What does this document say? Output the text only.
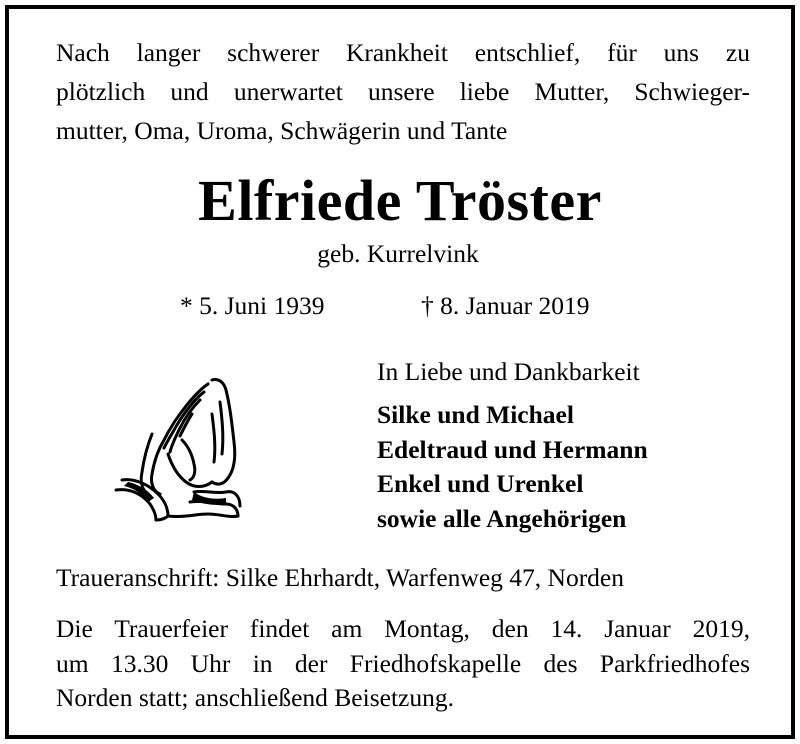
Nach langer schwerer Krankheit entschlief, für uns zu
plötzlich und unerwartet unsere liebe Mutter, Schwieger-
mutter, Oma, Uroma, Schwägerin und Tante
Elfriede Tröster
geb. Kurrelvink
* 5. Juni 1939	† 8. Januar 2019
In Liebe und Dankbarkeit
Silke und Michael
Edeltraud und Hermann
Enkel und Urenkel
sowie alle Angehörigen
Traueranschrift: Silke Ehrhardt, Warfenweg 47, Norden
Die Trauerfeier findet am Montag, den 14. Januar 2019,
um 13.30 Uhr in der Friedhofskapelle des Parkfriedhofes
Norden statt; anschließend Beisetzung.
